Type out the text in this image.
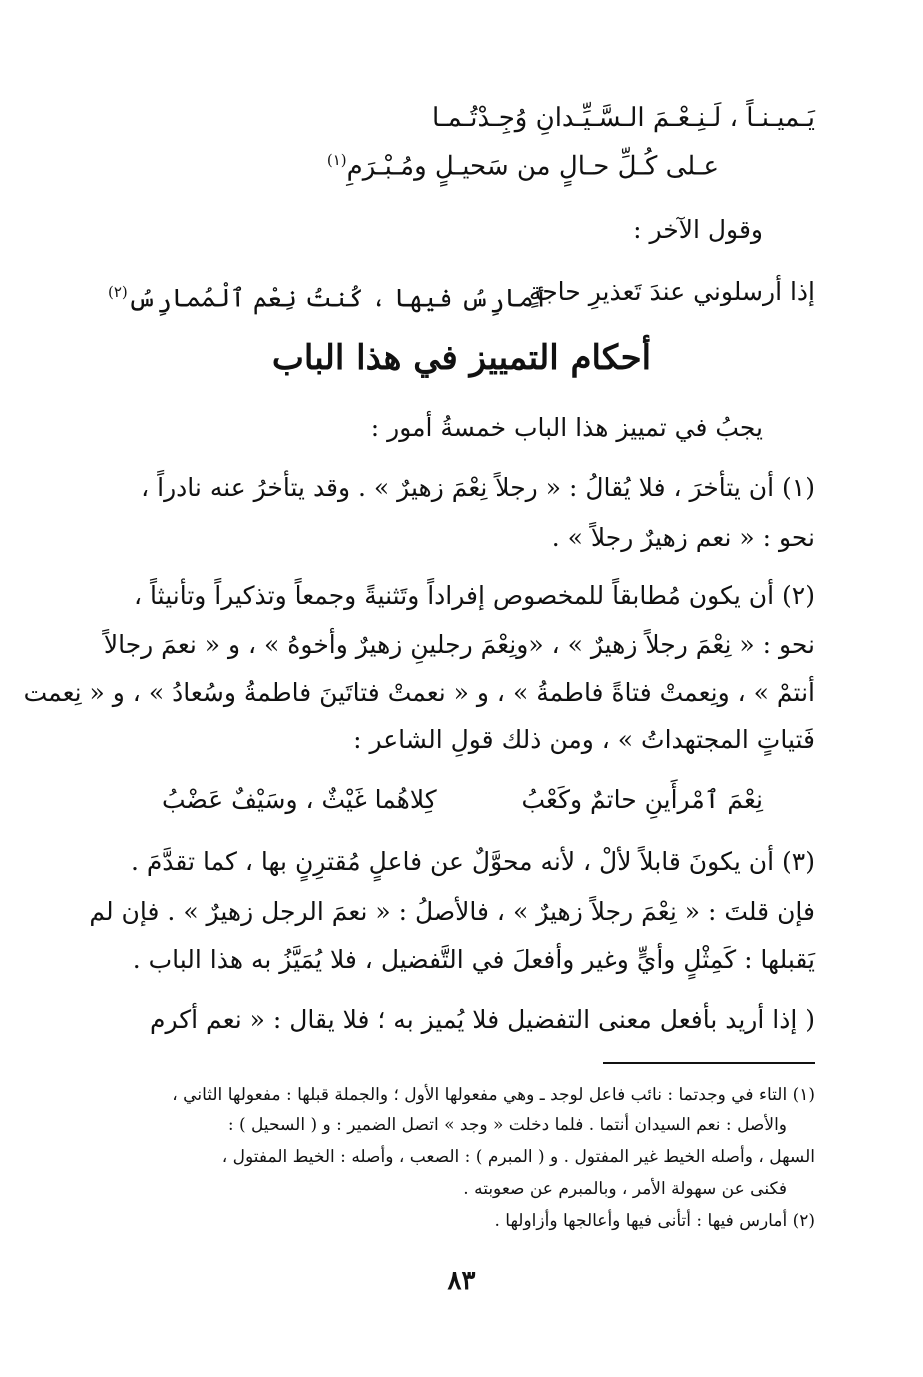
يَـميـنـاً ، لَـنِـعْـمَ الـسَّـيِّـدانِ وُجِـدْتُـمـا
عـلى كُـلِّ حـالٍ من سَحيـلٍ ومُـبْـرَمِ$^{(١)}$
وقول الآخر :
إذا أرسلوني عندَ تَعذيرِ حاجةٍ
أمارِسُ فيها ، كُنتُ نِعْم ٱلْمُمارِسُ$^{(٢)}$
أحكام التمييز في هذا الباب
يجبُ في تمييز هذا الباب خمسةُ أمور :
(١) أن يتأخرَ ، فلا يُقالُ : « رجلاً نِعْمَ زهيرٌ » . وقد يتأخرُ عنه نادراً ،
نحو : « نعم زهيرٌ رجلاً » .
(٢) أن يكون مُطابقاً للمخصوص إفراداً وتَثنيةً وجمعاً وتذكيراً وتأنيثاً ،
نحو : « نِعْمَ رجلاً زهيرٌ » ، «ونِعْمَ رجلينِ زهيرٌ وأخوهُ » ، و « نعمَ رجالاً
أنتمْ » ، ونِعمتْ فتاةً فاطمةُ » ، و « نعمتْ فتاتَينَ فاطمةُ وسُعادُ » ، و « نِعمت
فَتياتٍ المجتهداتُ » ، ومن ذلك قولِ الشاعر :
نِعْمَ ٱمْرأَينِ حاتمٌ وكَعْبُ
كِلاهُما غَيْثٌ ، وسَيْفٌ عَضْبُ
(٣) أن يكونَ قابلاً لألْ ، لأنه محوَّلٌ عن فاعلٍ مُقترِنٍ بها ، كما تقدَّمَ .
فإن قلتَ : « نِعْمَ رجلاً زهيرٌ » ، فالأصلُ : « نعمَ الرجل زهيرٌ » . فإن لم
يَقبلها : كَمِثْلٍ وأيٍّ وغير وأفعلَ في التَّفضيل ، فلا يُمَيَّزُ به هذا الباب .
( إذا أريد بأفعل معنى التفضيل فلا يُميز به ؛ فلا يقال : « نعم أكرم
(١) التاء في وجدتما : نائب فاعل لوجد ـ وهي مفعولها الأول ؛ والجملة قبلها : مفعولها الثاني ،
والأصل : نعم السيدان أنتما . فلما دخلت « وجد » اتصل الضمير : و ( السحيل ) :
السهل ، وأصله الخيط غير المفتول . و ( المبرم ) : الصعب ، وأصله : الخيط المفتول ،
فكنى عن سهولة الأمر ، وبالمبرم عن صعوبته .
(٢) أمارس فيها : أتأنى فيها وأعالجها وأزاولها .
٨٣
